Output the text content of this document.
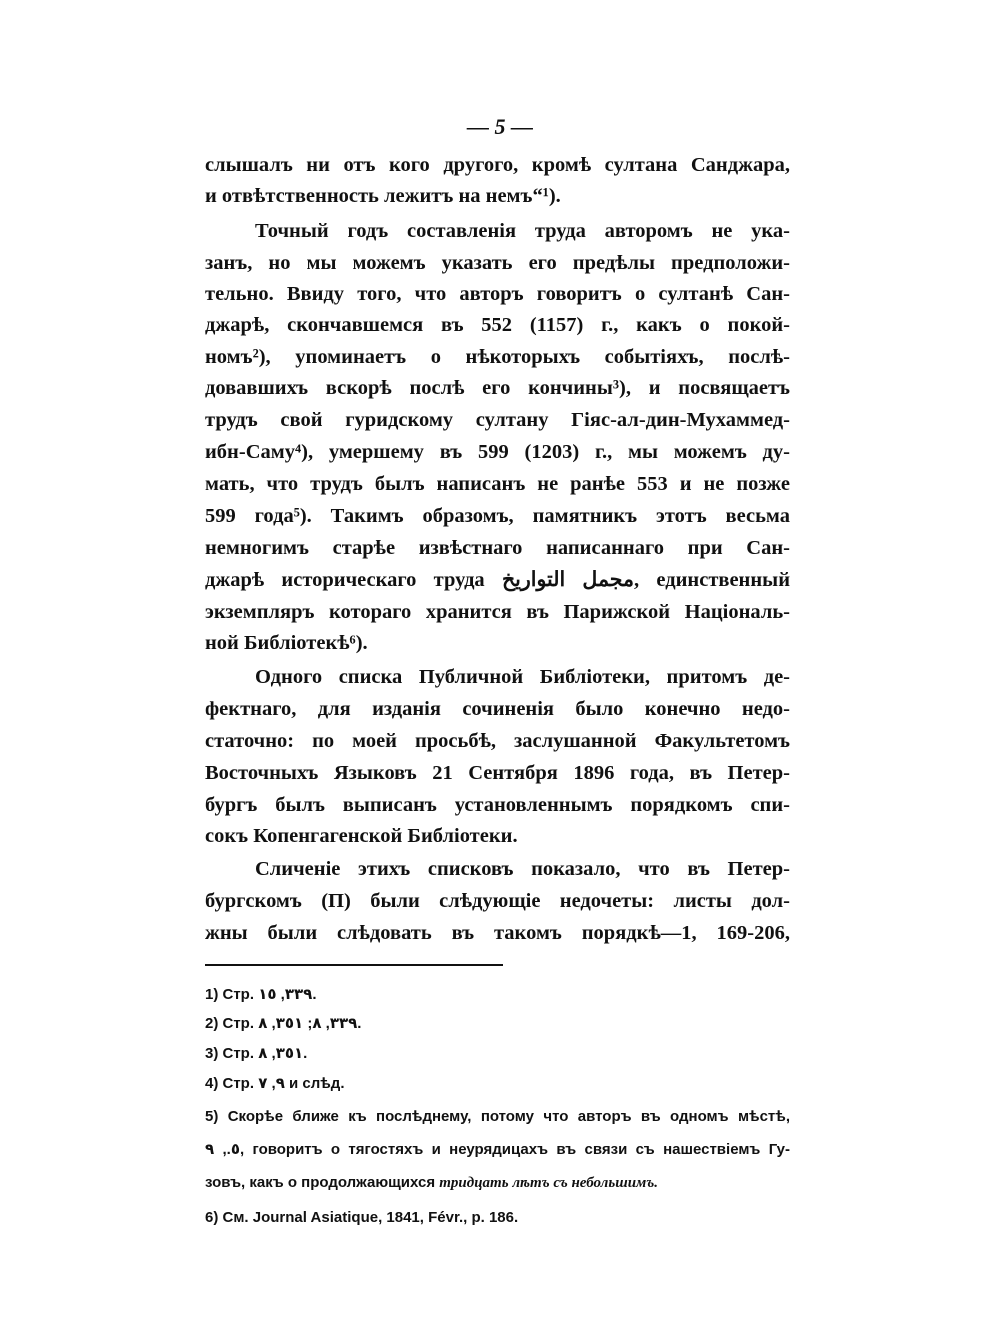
— 5 —
слышалъ ни отъ кого другого, кромѣ султана Санджара,
и отвѣтственность лежитъ на немъ“¹).
Точный годъ составленія труда авторомъ не ука-
занъ, но мы можемъ указать его предѣлы предположи-
тельно. Ввиду того, что авторъ говоритъ о султанѣ Сан-
джарѣ, скончавшемся въ 552 (1157) г., какъ о покой-
номъ²), упоминаетъ о нѣкоторыхъ событіяхъ, послѣ-
довавшихъ вскорѣ послѣ его кончины³), и посвящаетъ
трудъ свой гуридскому султану Гіяс-ал-дин-Мухаммед-
ибн-Саму⁴), умершему въ 599 (1203) г., мы можемъ ду-
мать, что трудъ былъ написанъ не ранѣе 553 и не позже
599 года⁵). Такимъ образомъ, памятникъ этотъ весьма
немногимъ старѣе извѣстнаго написаннаго при Сан-
джарѣ историческаго труда مجمل التواريخ, единственный
экземпляръ котораго хранится въ Парижской Національ-
ной Библіотекѣ⁶).
Одного списка Публичной Библіотеки, притомъ де-
фектнаго, для изданія сочиненія было конечно недо-
статочно: по моей просьбѣ, заслушанной Факультетомъ
Восточныхъ Языковъ 21 Сентября 1896 года, въ Петер-
бургъ былъ выписанъ установленнымъ порядкомъ спи-
сокъ Копенгагенской Библіотеки.
Сличеніе этихъ списковъ показало, что въ Петер-
бургскомъ (П) были слѣдующіе недочеты: листы дол-
жны были слѣдовать въ такомъ порядкѣ—1, 169-206,
1) Стр. ٣٣٩, ١٥.
2) Стр. ٣٣٩, ٨; ٣٥١, ٨.
3) Стр. ٣٥١, ٨.
4) Стр. ٩, ٧ и слѣд.
5) Скорѣе ближе къ послѣднему, потому что авторъ въ одномъ мѣстѣ,
٥., ٩, говоритъ о тягостяхъ и неурядицахъ въ связи съ нашествіемъ Гу-
зовъ, какъ о продолжающихся тридцать лѣтъ съ небольшимъ.
6) См. Journal Asiatique, 1841, Févr., p. 186.
